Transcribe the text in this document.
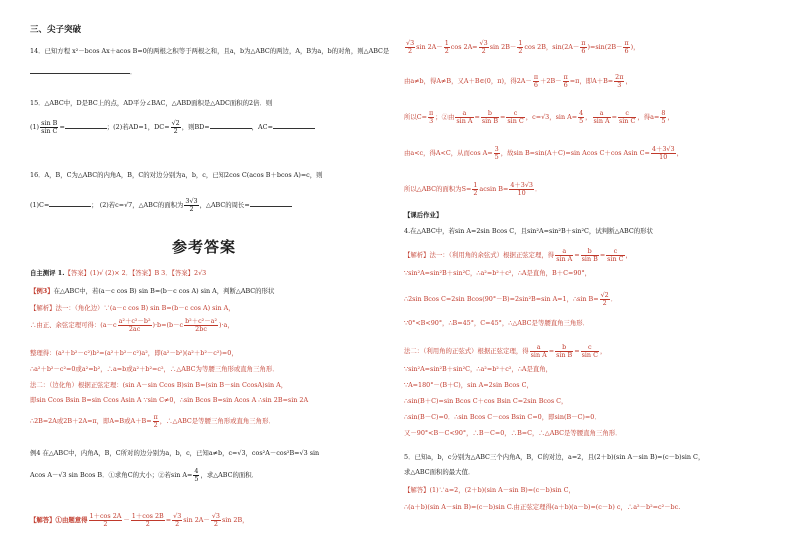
三、尖子突破
14．已知方程 x²－bcos Ax＋acos B=0的两根之积等于两根之和，且a，b为△ABC的两边，A，B为a，b的对角，则△ABC是
．
15．△ABC中，D是BC上的点，AD平分∠BAC，△ABD面积是△ADC面积的2倍．则
$(1) \frac{\text{sin B}}{\text{sin C}}$ =	；(2)若AD=1，$DC= \frac{√2}{2}$ ，则BD=	，AC=
16．A，B，C为△ABC的内角A，B，C的对边分别为a，b，c，已知2cos C(acos B＋bcos A)=c，则
(1)C=	； (2)若c=√7，△ABC的面积为 $\frac{3√3}{2}$ ，△ABC的周长=
参考答案
自主测评 1.【答案】(1)√ (2)× 2．【答案】B 3．【答案】2√3
【例3】在△ABC中，若(a－c cos B) sin B=(b－c cos A) sin A，判断△ABC的形状
【解析】法一：（角化边）∵(a－c cos B) sin B=(b－c cos A) sin A，
∴由正、余弦定理可得：$(a-c \frac{\text{a²＋c²－b²}}{2ac} )\cdot b=(b-c \frac{\text{b²＋c²－a²}}{2bc} )\cdot a$，
整理得：(a²＋b²－c²)b²=(a²＋b²－c²)a²，即(a²－b²)(a²＋b²－c²)=0，
∴a²＋b²－c²=0或a²=b²，∴a=b或a²＋b²=c²，∴△ABC为等腰三角形或直角三角形．
法二：（边化角）根据正弦定理：(sin A－sin Ccos B)sin B=(sin B－sin CcosA)sin A，
即sin Ccos Bsin B=sin Ccos Asin A ∵sin C≠0，∴sin Bcos B=sin Acos A ∴sin 2B=sin 2A
∴2B=2A或2B＋2A=π，即A=B或$A+B= \frac{\pi}{2}$ ，∴△ABC是等腰三角形或直角三角形．
例4 在△ABC中，内角A，B，C所对的边分别为a，b，c，已知a≠b，c=√3，cos²A－cos²B=√3 sin
Acos A－√3 sin Bcos B．①求角C的大小；②若$\sin A= \frac{4}{5}$ ，求△ABC的面积．
【解答】①由题意得 $\frac{1+\cos 2A}{2} - \frac{1+\cos 2B}{2} = \frac{√3}{2}$ $\sin 2A- \frac{√3}{2}$ sin 2B，
$\frac{√3}{2}$ $\sin 2A- \frac{1}{2}$ $\cos 2A= \frac{√3}{2}$ $\sin 2B- \frac{1}{2}$ cos 2B，$\sin(2A- \frac{\pi}{6} )=\sin(2B- \frac{\pi}{6}$ )，
由a≠b，得A≠B，又A＋B∈(0，π)，得$2A- \frac{\pi}{6} +2B- \frac{\pi}{6} =\pi$，即$A+B= \frac{2\pi}{3}$ ，
所以$C= \frac{\pi}{3}$ ；②由 $\frac{a}{\text{sin A}} = \frac{b}{\text{sin B}} = \frac{c}{\text{sin C}}$ ，c=√3，$\sin A= \frac{4}{5}$ ， $\frac{a}{\text{sin A}} = \frac{c}{\text{sin C}}$ ，得$a= \frac{8}{5}$ ，
由a<c，得A<C，从而$\cos A= \frac{3}{5}$ ，故sin B=sin(A＋C)=sin Acos C＋cos Asin $C= \frac{4+3√3}{10}$ ，
所以△ABC的面积为$S= \frac{1}{2}$ acsin $B= \frac{4+3√3}{10}$ ．
【课后作业】
4.在△ABC中，若sin A=2sin Bcos C，且sin²A=sin²B＋sin²C，试判断△ABC的形状
【解析】法一：（利用角的余弦式）根据正弦定理，得 $\frac{a}{\text{sin A}} = \frac{b}{\text{sin B}} = \frac{c}{\text{sin C}}$ ，
∵sin²A=sin²B＋sin²C，∴a²=b²＋c²，∴A是直角，B＋C=90°，
∴2sin Bcos C=2sin Bcos(90°－B)=2sin²B=sin A=1，∴sin $B= \frac{√2}{2}$ ．
∵0°<B<90°，∴B=45°，C=45°，∴△ABC是等腰直角三角形．
法二：（利用角的正弦式）根据正弦定理，得 $\frac{a}{\text{sin A}} = \frac{b}{\text{sin B}} = \frac{c}{\text{sin C}}$ ，
∵sin²A=sin²B＋sin²C，∴a²=b²＋c²，∴A是直角，
∵A=180°－(B＋C)，sin A=2sin Bcos C，
∴sin(B＋C)=sin Bcos C＋cos Bsin C=2sin Bcos C，
∴sin(B－C)=0．∴sin Bcos C－cos Bsin C=0，即sin(B－C)=0．
又－90°<B－C<90°，∴B－C=0，∴B=C，∴△ABC是等腰直角三角形．
5．已知a，b，c分别为△ABC三个内角A，B，C的对边，a=2，且(2＋b)(sin A－sin B)=(c－b)sin C，
求△ABC面积的最大值．
【解答】(1)∵a=2，(2＋b)(sin A－sin B)=(c－b)sin C，
∴(a＋b)(sin A－sin B)=(c－b)sin C.由正弦定理得(a＋b)(a－b)=(c－b) c，∴a²－b²=c²－bc.
